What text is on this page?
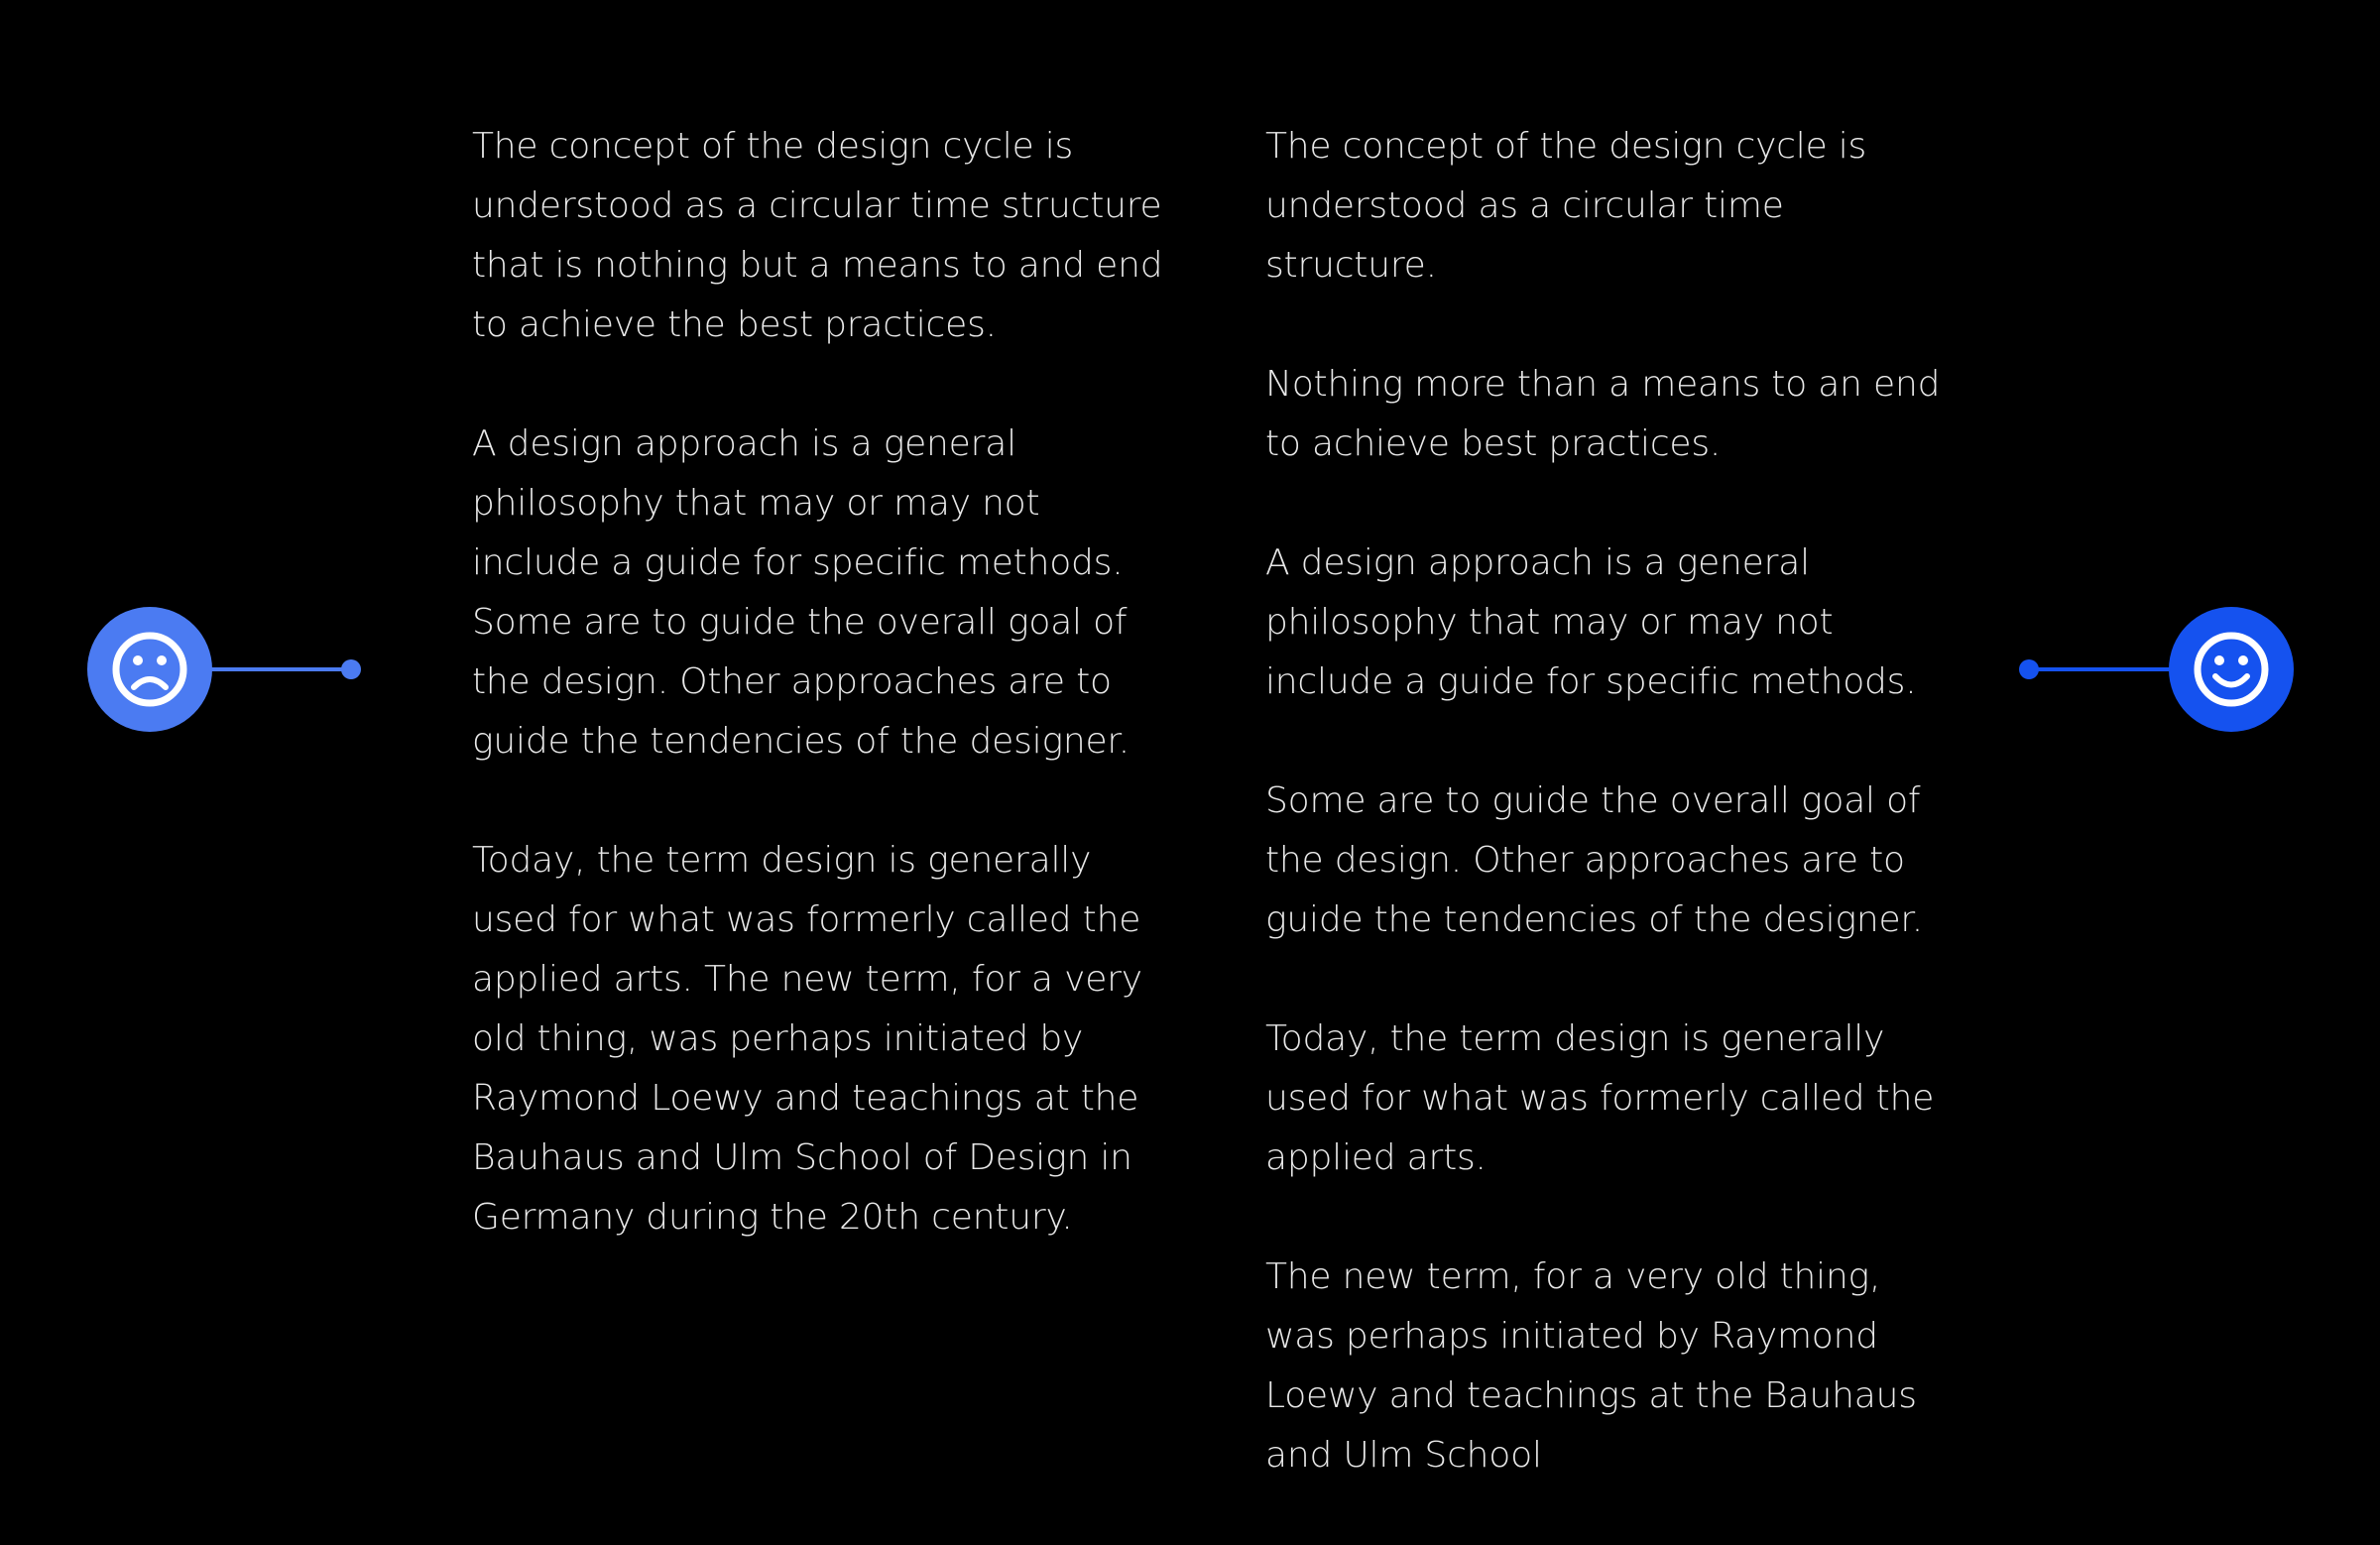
The concept of the design cycle is understood as a circular time structure that is nothing but a means to and end to achieve the best practices.

A design approach is a general philosophy that may or may not include a guide for specific methods. Some are to guide the overall goal of the design. Other approaches are to guide the tendencies of the designer.

Today, the term design is generally used for what was formerly called the applied arts. The new term, for a very old thing, was perhaps initiated by Raymond Loewy and teachings at the Bauhaus and Ulm School of Design in Germany during the 20th century.

The concept of the design cycle is understood as a circular time structure.

Nothing more than a means to an end to achieve best practices.

A design approach is a general philosophy that may or may not include a guide for specific methods.

Some are to guide the overall goal of the design. Other approaches are to guide the tendencies of the designer.

Today, the term design is generally used for what was formerly called the applied arts.

The new term, for a very old thing, was perhaps initiated by Raymond Loewy and teachings at the Bauhaus and Ulm School
